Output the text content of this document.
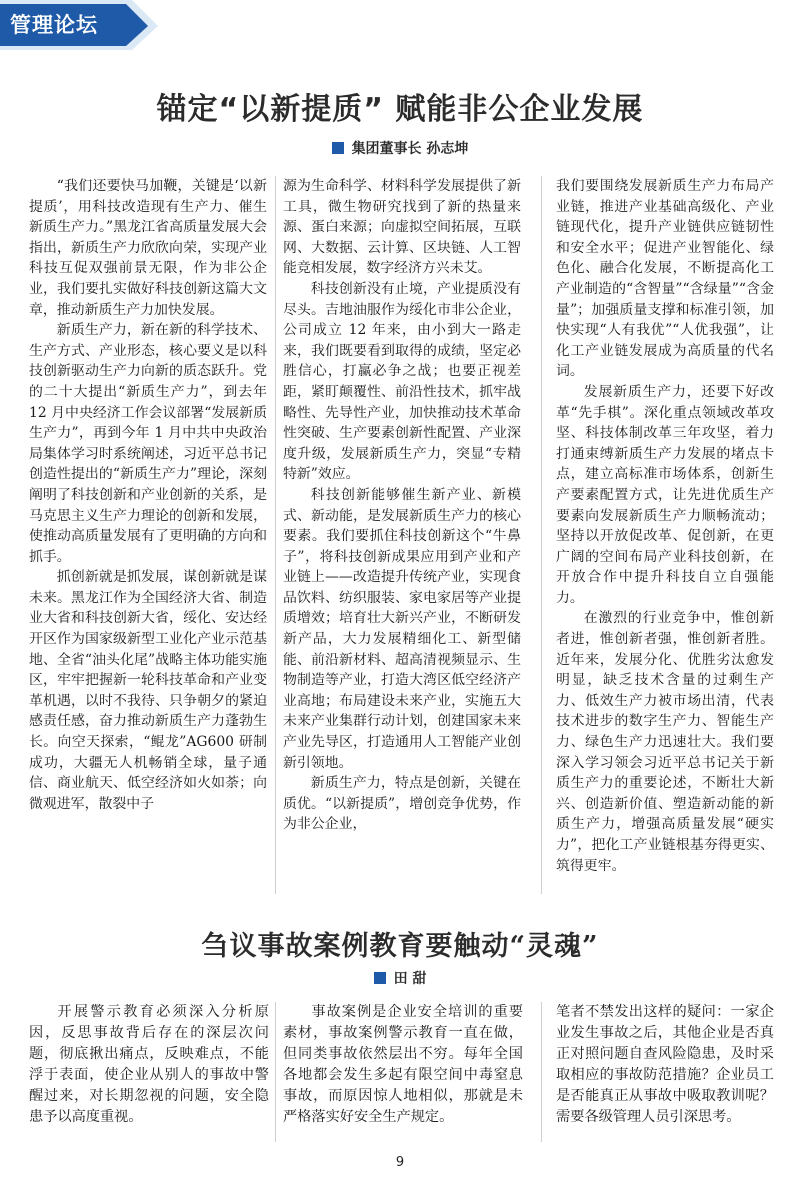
管理论坛
锚定“以新提质” 赋能非公企业发展
集团董事长 孙志坤

“我们还要快马加鞭，关键是‘以新提质’，用科技改造现有生产力、催生新质生产力。”黑龙江省高质量发展大会指出，新质生产力欣欣向荣，实现产业科技互促双强前景无限，作为非公企业，我们要扎实做好科技创新这篇大文章，推动新质生产力加快发展。

新质生产力，新在新的科学技术、生产方式、产业形态，核心要义是以科技创新驱动生产力向新的质态跃升。党的二十大提出“新质生产力”，到去年 12 月中央经济工作会议部署“发展新质生产力”，再到今年 1 月中共中央政治局集体学习时系统阐述，习近平总书记创造性提出的“新质生产力”理论，深刻阐明了科技创新和产业创新的关系，是马克思主义生产力理论的创新和发展，使推动高质量发展有了更明确的方向和抓手。

抓创新就是抓发展，谋创新就是谋未来。黑龙江作为全国经济大省、制造业大省和科技创新大省，绥化、安达经开区作为国家级新型工业化产业示范基地、全省“油头化尾”战略主体功能实施区，牢牢把握新一轮科技革命和产业变革机遇，以时不我待、只争朝夕的紧迫感责任感，奋力推动新质生产力蓬勃生长。向空天探索，“鲲龙”AG600 研制成功，大疆无人机畅销全球，量子通信、商业航天、低空经济如火如荼；向微观进军，散裂中子

源为生命科学、材料科学发展提供了新工具，微生物研究找到了新的热量来源、蛋白来源；向虚拟空间拓展，互联网、大数据、云计算、区块链、人工智能竞相发展，数字经济方兴未艾。

科技创新没有止境，产业提质没有尽头。吉地油服作为绥化市非公企业，公司成立 12 年来，由小到大一路走来，我们既要看到取得的成绩，坚定必胜信心，打赢必争之战；也要正视差距，紧盯颠覆性、前沿性技术，抓牢战略性、先导性产业，加快推动技术革命性突破、生产要素创新性配置、产业深度升级，发展新质生产力，突显“专精特新”效应。

科技创新能够催生新产业、新模式、新动能，是发展新质生产力的核心要素。我们要抓住科技创新这个“牛鼻子”，将科技创新成果应用到产业和产业链上——改造提升传统产业，实现食品饮料、纺织服装、家电家居等产业提质增效；培育壮大新兴产业，不断研发新产品，大力发展精细化工、新型储能、前沿新材料、超高清视频显示、生物制造等产业，打造大湾区低空经济产业高地；布局建设未来产业，实施五大未来产业集群行动计划，创建国家未来产业先导区，打造通用人工智能产业创新引领地。

新质生产力，特点是创新，关键在质优。“以新提质”，增创竞争优势，作为非公企业，

我们要围绕发展新质生产力布局产业链，推进产业基础高级化、产业链现代化，提升产业链供应链韧性和安全水平；促进产业智能化、绿色化、融合化发展，不断提高化工产业制造的“含智量”“含绿量”“含金量”；加强质量支撑和标准引领，加快实现“人有我优”“人优我强”，让化工产业链发展成为高质量的代名词。

发展新质生产力，还要下好改革“先手棋”。深化重点领域改革攻坚、科技体制改革三年攻坚，着力打通束缚新质生产力发展的堵点卡点，建立高标准市场体系，创新生产要素配置方式，让先进优质生产要素向发展新质生产力顺畅流动；坚持以开放促改革、促创新，在更广阔的空间布局产业科技创新，在开放合作中提升科技自立自强能力。

在激烈的行业竞争中，惟创新者进，惟创新者强，惟创新者胜。近年来，发展分化、优胜劣汰愈发明显，缺乏技术含量的过剩生产力、低效生产力被市场出清，代表技术进步的数字生产力、智能生产力、绿色生产力迅速壮大。我们要深入学习领会习近平总书记关于新质生产力的重要论述，不断壮大新兴、创造新价值、塑造新动能的新质生产力，增强高质量发展“硬实力”，把化工产业链根基夯得更实、筑得更牢。

刍议事故案例教育要触动“灵魂”
田 甜

开展警示教育必须深入分析原因，反思事故背后存在的深层次问题，彻底揪出痛点，反映难点，不能浮于表面，使企业从别人的事故中警醒过来，对长期忽视的问题，安全隐患予以高度重视。

事故案例是企业安全培训的重要素材，事故案例警示教育一直在做，但同类事故依然层出不穷。每年全国各地都会发生多起有限空间中毒窒息事故，而原因惊人地相似，那就是未严格落实好安全生产规定。

笔者不禁发出这样的疑问：一家企业发生事故之后，其他企业是否真正对照问题自查风险隐患，及时采取相应的事故防范措施？企业员工是否能真正从事故中吸取教训呢？需要各级管理人员引深思考。

9
